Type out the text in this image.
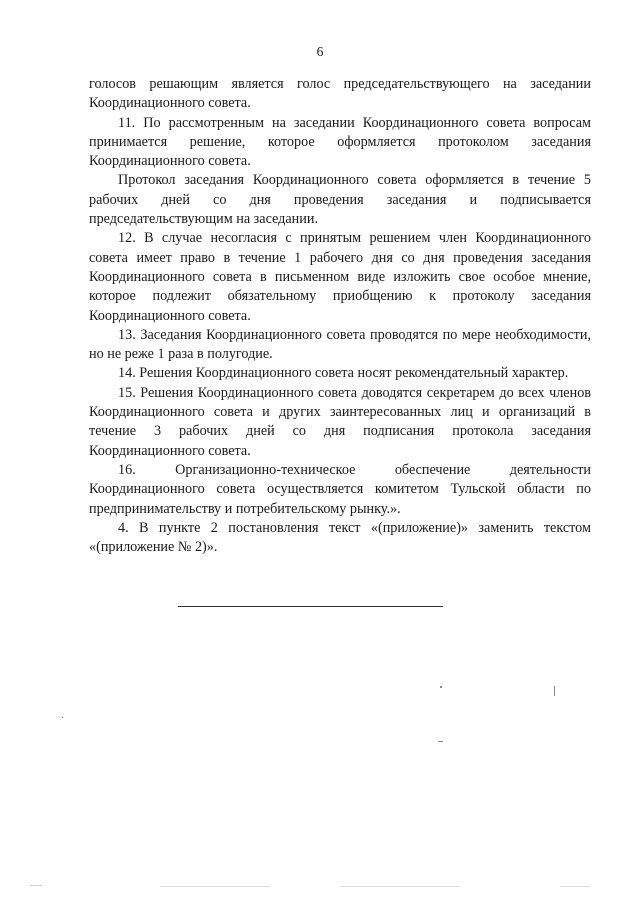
6

голосов решающим является голос председательствующего на заседании Координационного совета.

11. По рассмотренным на заседании Координационного совета вопросам принимается решение, которое оформляется протоколом заседания Координационного совета.

Протокол заседания Координационного совета оформляется в течение 5 рабочих дней со дня проведения заседания и подписывается председательствующим на заседании.

12. В случае несогласия с принятым решением член Координационного совета имеет право в течение 1 рабочего дня со дня проведения заседания Координационного совета в письменном виде изложить свое особое мнение, которое подлежит обязательному приобщению к протоколу заседания Координационного совета.

13. Заседания Координационного совета проводятся по мере необходимости, но не реже 1 раза в полугодие.

14. Решения Координационного совета носят рекомендательный характер.

15. Решения Координационного совета доводятся секретарем до всех членов Координационного совета и других заинтересованных лиц и организаций в течение 3 рабочих дней со дня подписания протокола заседания Координационного совета.

16. Организационно-техническое обеспечение деятельности Координационного совета осуществляется комитетом Тульской области по предпринимательству и потребительскому рынку.».

4. В пункте 2 постановления текст «(приложение)» заменить текстом «(приложение № 2)».
